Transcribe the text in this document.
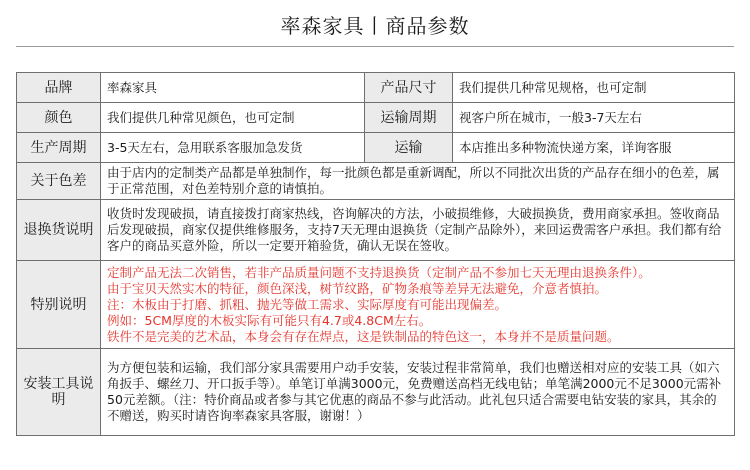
率森家具丨商品参数
品牌	率森家具	产品尺寸	我们提供几种常见规格，也可定制
颜色	我们提供几种常见颜色，也可定制	运输周期	视客户所在城市，一般3-7天左右
生产周期	3-5天左右，急用联系客服加急发货	运输	本店推出多种物流快递方案，详询客服
关于色差	由于店内的定制类产品都是单独制作，每一批颜色都是重新调配，所以不同批次出货的产品存在细小的色差，属于正常范围，对色差特别介意的请慎拍。		
退换货说明	收货时发现破损，请直接拨打商家热线，咨询解决的方法，小破损维修，大破损换货，费用商家承担。签收商品后发现破损，商家仅提供维修服务，支持7天无理由退换货（定制产品除外），来回运费需客户承担。我们都有给客户的商品买意外险，所以一定要开箱验货，确认无误在签收。		
特别说明	定制产品无法二次销售，若非产品质量问题不支持退换货（定制产品不参加七天无理由退换条件）。

由于宝贝天然实木的特征，颜色深浅，树节纹路，矿物条痕等差异无法避免，介意者慎拍。

注：木板由于打磨、抓粗、抛光等做工需求、实际厚度有可能出现偏差。

例如：5CM厚度的木板实际有可能只有4.7或4.8CM左右。

铁件不是完美的艺术品，本身会有存在焊点，这是铁制品的特色这一，本身并不是质量问题。		

安装工具说明	为方便包装和运输，我们部分家具需要用户动手安装，安装过程非常简单，我们也赠送相对应的安装工具（如六角扳手、螺丝刀、开口扳手等）。单笔订单满3000元，免费赠送高档无线电钻；单笔满2000元不足3000元需补50元差额。（注：特价商品或者参与其它优惠的商品不参与此活动。此礼包只适合需要电钻安装的家具，其余的不赠送，购买时请咨询率森家具客服，谢谢！）		
